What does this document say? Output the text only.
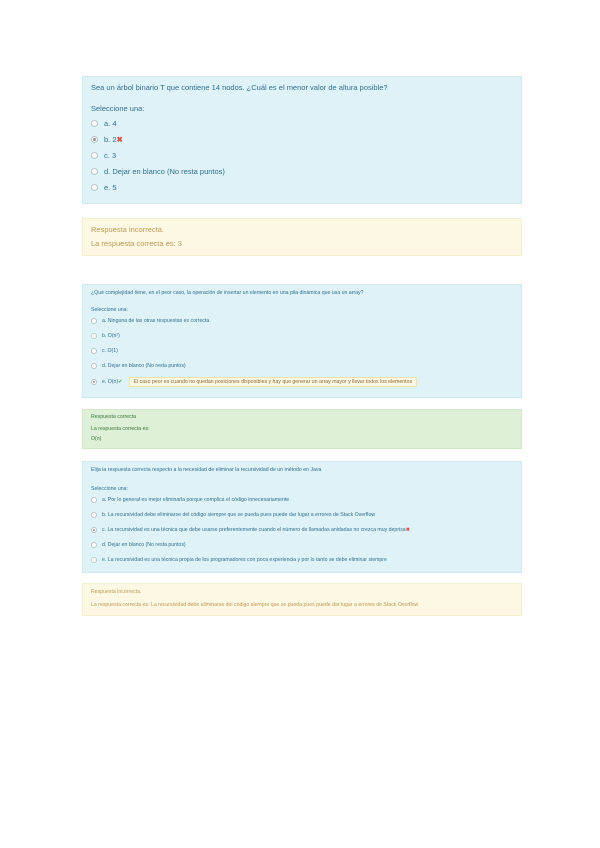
Sea un árbol binario T que contiene 14 nodos. ¿Cuál es el menor valor de altura posible?
Seleccione una:
a.
4
b.
2 ✖
c.
3
d.
Dejar en blanco (No resta puntos)
e.
5
Respuesta incorrecta.
La respuesta correcta es: 3
¿Qué complejidad tiene, en el peor caso, la operación de insertar un elemento en una pila dinámica que usa un array?
Seleccione una:
a.
Ninguna de las otras respuestas es correcta
b.
O(n²)
c.
O(1)
d.
Dejar en blanco (No resta puntos)
e.
O(n) ✔	El caso peor es cuando no quedan posiciones disponibles y hay que generar un array mayor y llevar todos los elementos
Respuesta correcta
La respuesta correcta es:
O(n)
Elija la respuesta correcta respecto a la necesidad de eliminar la recursividad de un método en Java
Seleccione una:
a.
Por lo general es mejor eliminarla porque complica el código innecesariamente
b.
La recursividad debe eliminarse del código siempre que se pueda pues puede dar lugar a errores de Stack Overflow
c.
La recursividad es una técnica que debe usarse preferentemente cuando el número de llamadas anidadas no crezca muy deprisa ✖
d.
Dejar en blanco (No resta puntos)
e.
La recursividad es una técnica propia de los programadores con poca experiencia y por lo tanto se debe eliminar siempre
Respuesta incorrecta.
La respuesta correcta es: La recursividad debe eliminarse del código siempre que se pueda pues puede dar lugar a errores de Stack Overflow
